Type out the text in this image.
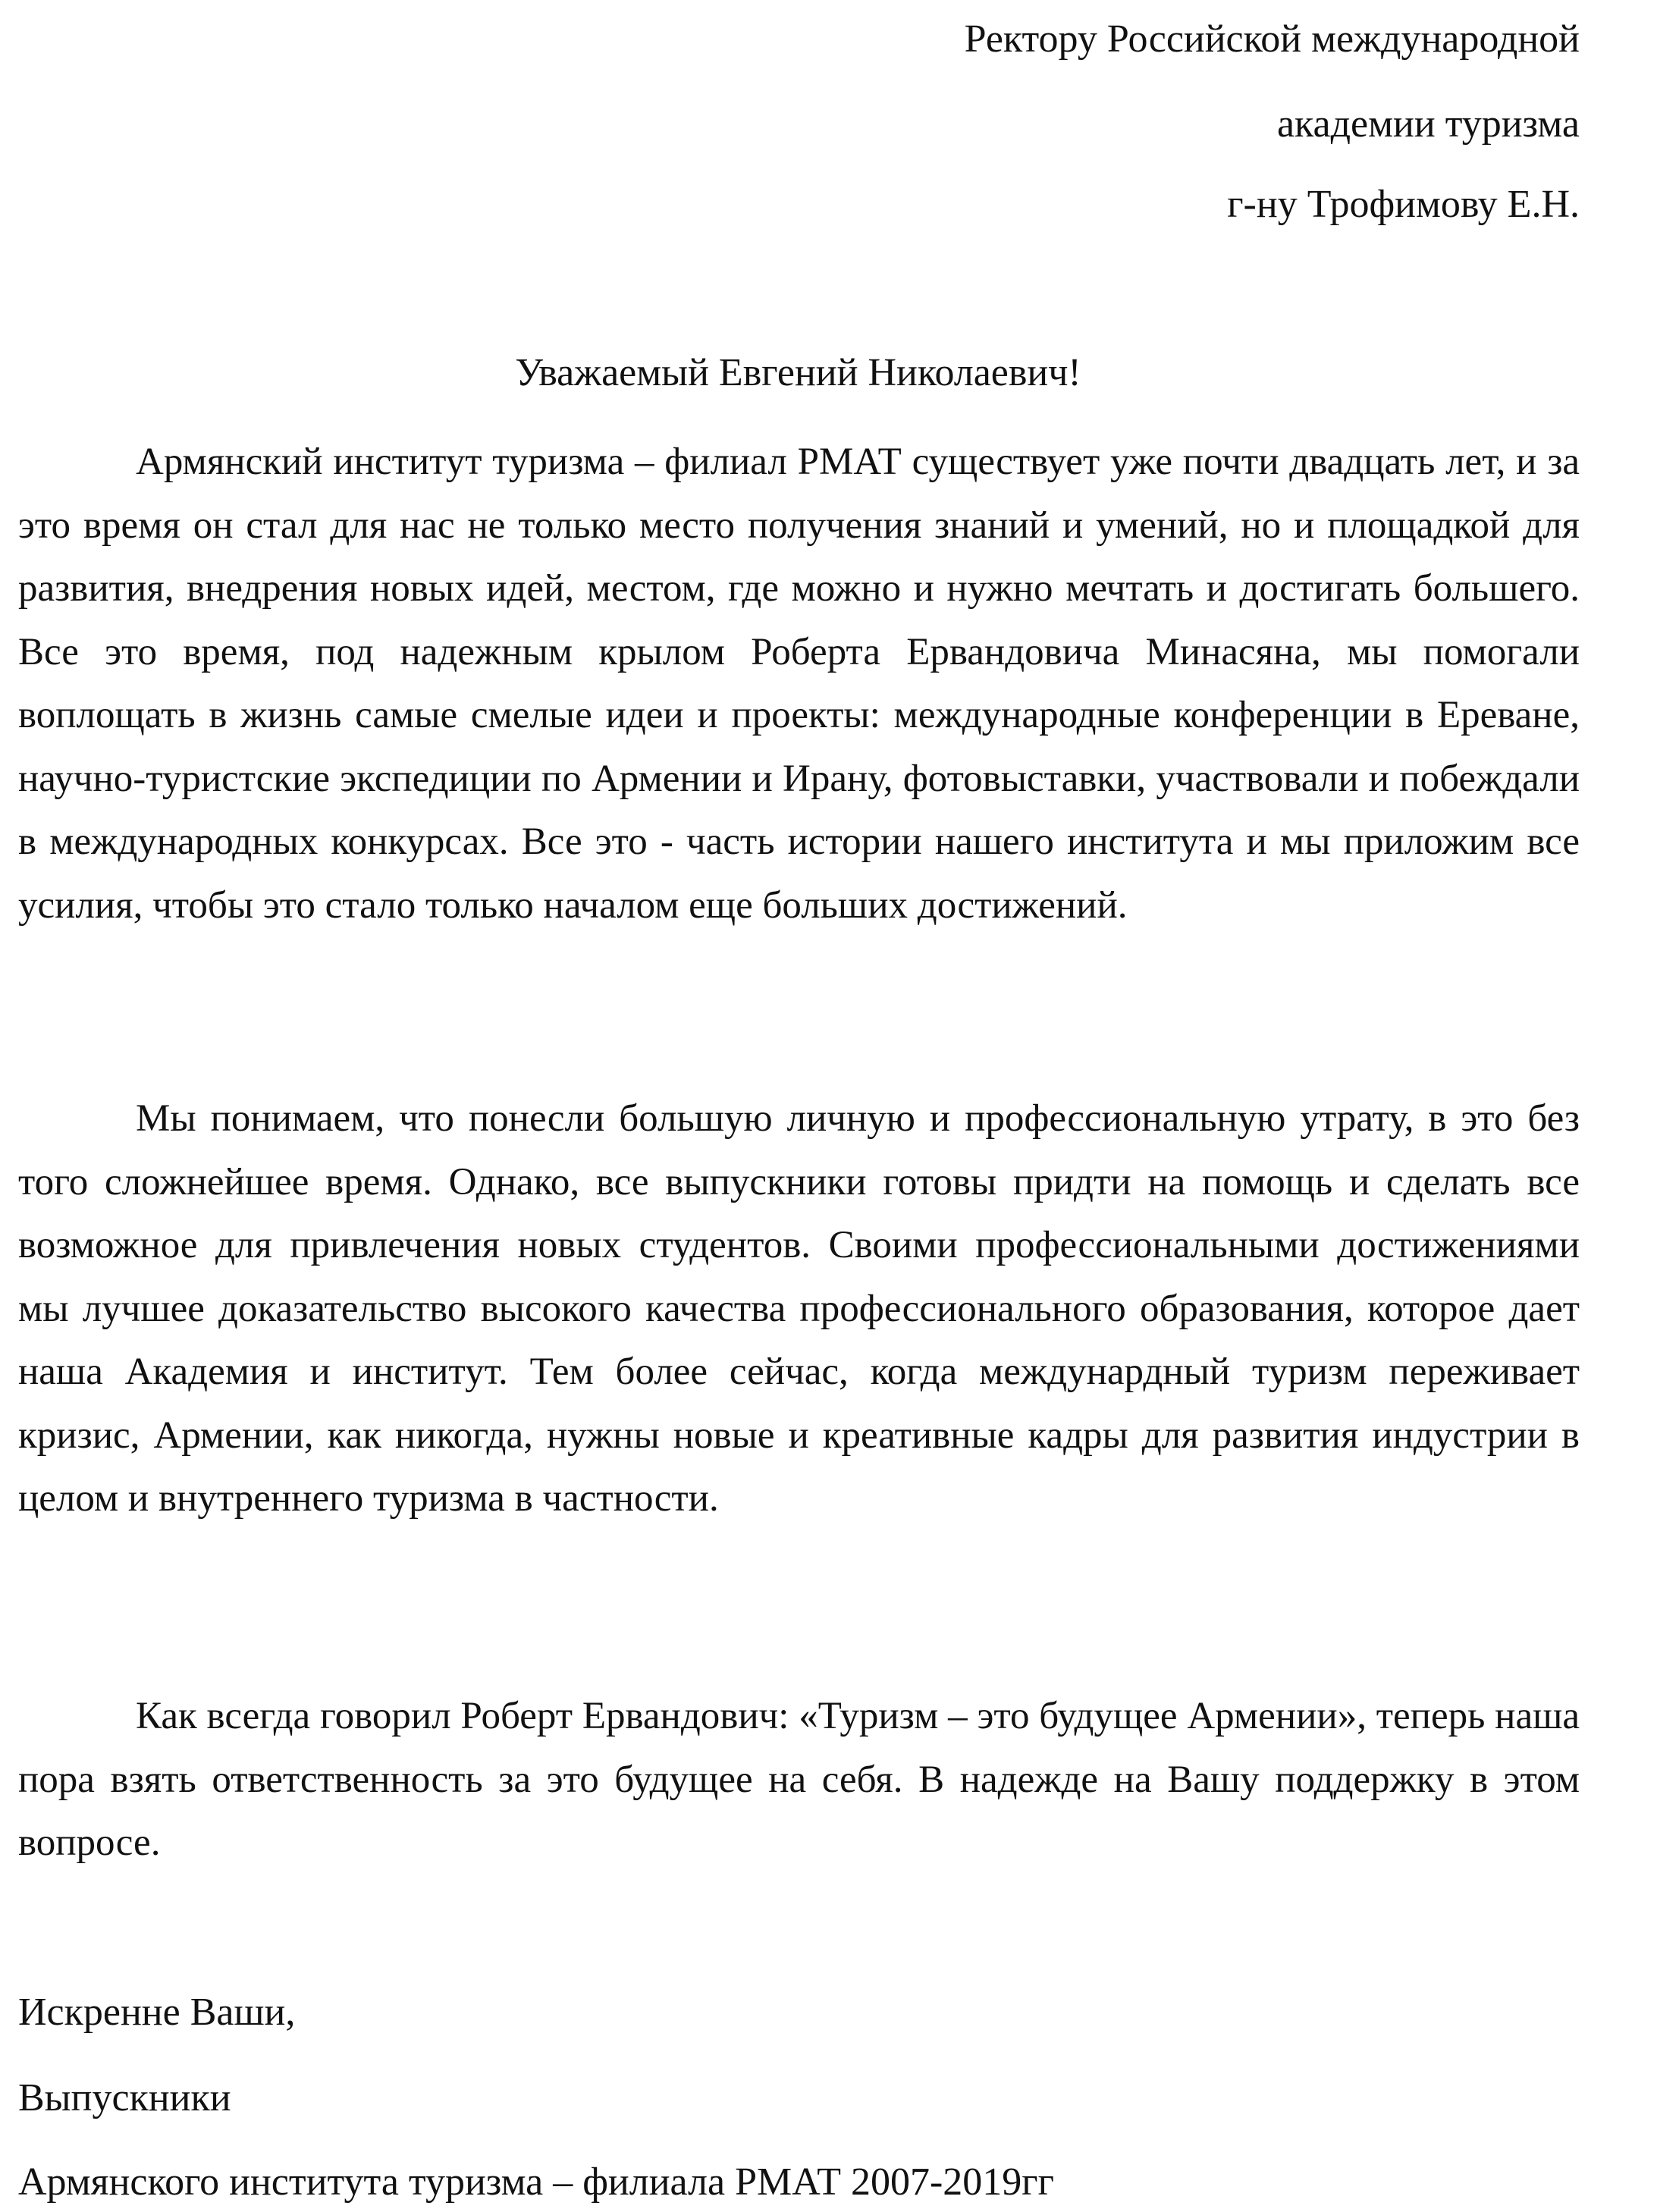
Ректору Российской международной
академии туризма
г-ну Трофимову Е.Н.
Уважаемый Евгений Николаевич!

Армянский институт туризма – филиал РМАТ существует уже почти двадцать лет, и за это время он стал для нас не только место получения знаний и умений, но и площадкой для развития, внедрения новых идей, местом, где можно и нужно мечтать и достигать большего. Все это время, под надежным крылом Роберта Ервандовича Минасяна, мы помогали воплощать в жизнь самые смелые идеи и проекты: международные конференции в Ереване, научно-туристские экспедиции по Армении и Ирану, фотовыставки, участвовали и побеждали в международных конкурсах. Все это - часть истории нашего института и мы приложим все усилия, чтобы это стало только началом еще больших достижений.

Мы понимаем, что понесли большую личную и профессиональную утрату, в это без того сложнейшее время. Однако, все выпускники готовы придти на помощь и сделать все возможное для привлечения новых студентов. Своими профессиональными достижениями мы лучшее доказательство высокого качества профессионального образования, которое дает наша Академия и институт. Тем более сейчас, когда междунардный туризм переживает кризис, Армении, как никогда, нужны новые и креативные кадры для развития индустрии в целом и внутреннего туризма в частности.

Как всегда говорил Роберт Ервандович: «Туризм – это будущее Армении», теперь наша пора взять ответственность за это будущее на себя. В надежде на Вашу поддержку в этом вопросе.

Искренне Ваши,
Выпускники
Армянского института туризма – филиала РМАТ 2007-2019гг
